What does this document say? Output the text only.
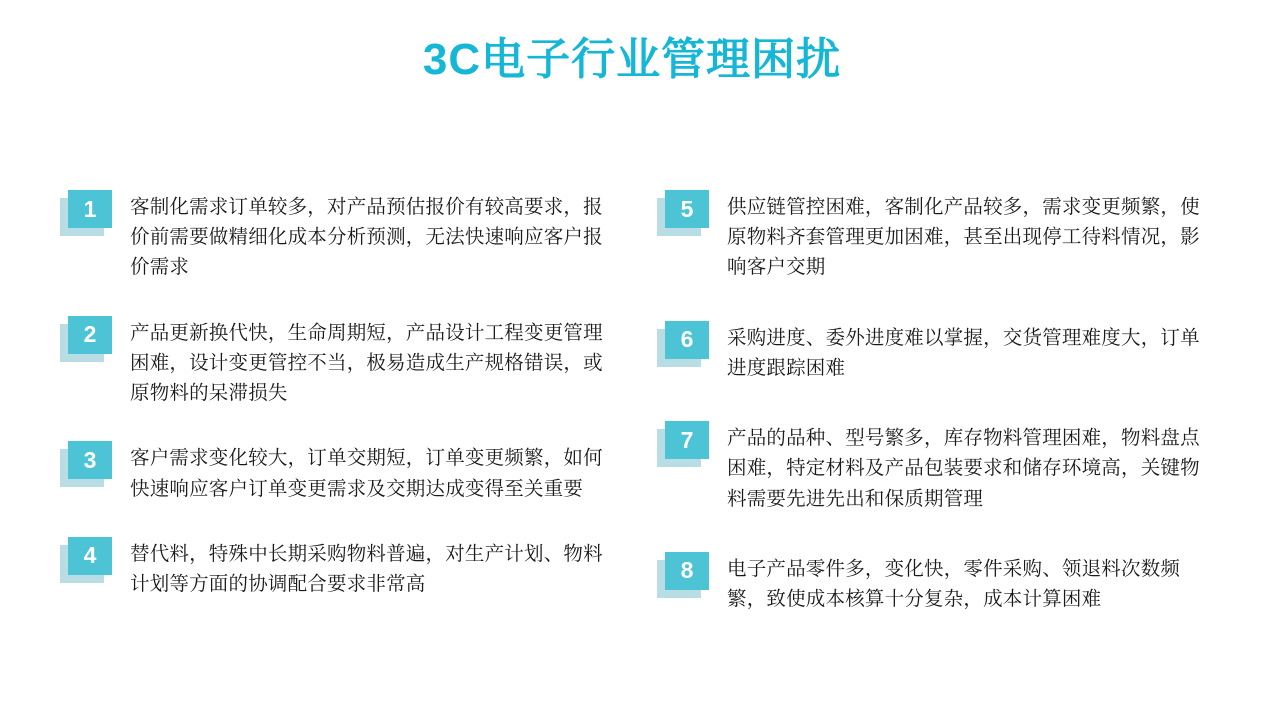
3C电子行业管理困扰
1	客制化需求订单较多，对产品预估报价有较高要求，报价前需要做精细化成本分析预测，无法快速响应客户报价需求
2	产品更新换代快，生命周期短，产品设计工程变更管理困难，设计变更管控不当，极易造成生产规格错误，或原物料的呆滞损失
3	客户需求变化较大，订单交期短，订单变更频繁，如何快速响应客户订单变更需求及交期达成变得至关重要
4	替代料，特殊中长期采购物料普遍，对生产计划、物料计划等方面的协调配合要求非常高
5	供应链管控困难，客制化产品较多，需求变更频繁，使原物料齐套管理更加困难，甚至出现停工待料情况，影响客户交期
6	采购进度、委外进度难以掌握，交货管理难度大，订单进度跟踪困难
7	产品的品种、型号繁多，库存物料管理困难，物料盘点困难，特定材料及产品包装要求和储存环境高，关键物料需要先进先出和保质期管理
8	电子产品零件多，变化快，零件采购、领退料次数频繁，致使成本核算十分复杂，成本计算困难
